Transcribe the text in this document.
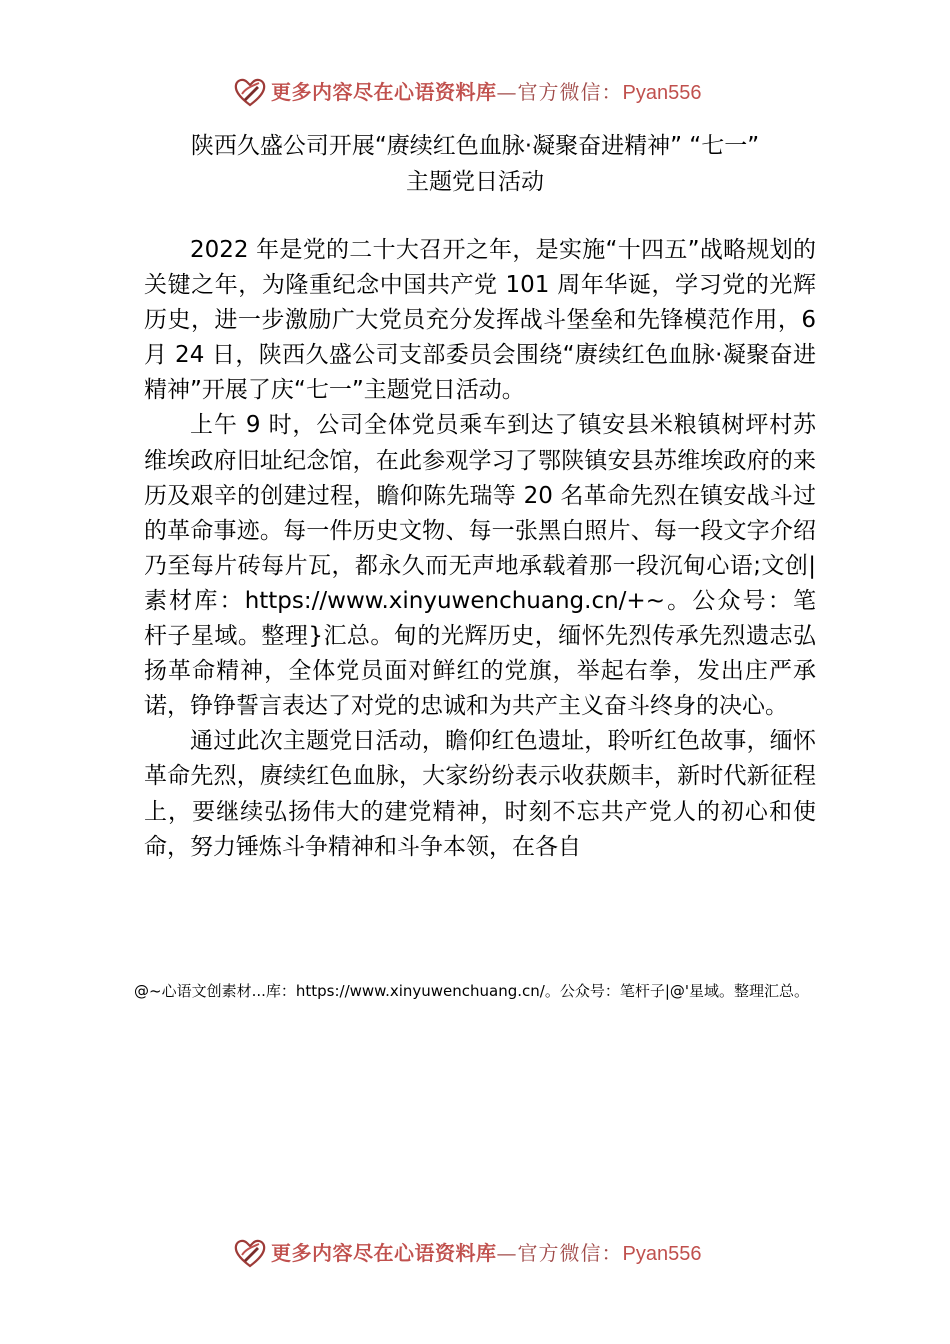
更多内容尽在心语资料库—官方微信：Pyan556
陕西久盛公司开展“赓续红色血脉·凝聚奋进精神” “七一”
主题党日活动

2022 年是党的二十大召开之年，是实施“十四五”战略规划的关键之年，为隆重纪念中国共产党 101 周年华诞，学习党的光辉历史，进一步激励广大党员充分发挥战斗堡垒和先锋模范作用，6 月 24 日，陕西久盛公司支部委员会围绕“赓续红色血脉·凝聚奋进精神”开展了庆“七一”主题党日活动。

上午 9 时，公司全体党员乘车到达了镇安县米粮镇树坪村苏维埃政府旧址纪念馆，在此参观学习了鄂陕镇安县苏维埃政府的来历及艰辛的创建过程，瞻仰陈先瑞等 20 名革命先烈在镇安战斗过的革命事迹。每一件历史文物、每一张黑白照片、每一段文字介绍乃至每片砖每片瓦，都永久而无声地承载着那一段沉甸心语;文创|素材库：https://www.xinyuwenchuang.cn/+~。公众号：笔杆子星域。整理}汇总。甸的光辉历史，缅怀先烈传承先烈遗志弘扬革命精神，全体党员面对鲜红的党旗，举起右拳，发出庄严承诺，铮铮誓言表达了对党的忠诚和为共产主义奋斗终身的决心。

通过此次主题党日活动，瞻仰红色遗址，聆听红色故事，缅怀革命先烈，赓续红色血脉，大家纷纷表示收获颇丰，新时代新征程上，要继续弘扬伟大的建党精神，时刻不忘共产党人的初心和使命，努力锤炼斗争精神和斗争本领，在各自

@~心语文创素材...库：https://www.xinyuwenchuang.cn/。公众号：笔杆子|@'星域。整理汇总。
更多内容尽在心语资料库—官方微信：Pyan556
